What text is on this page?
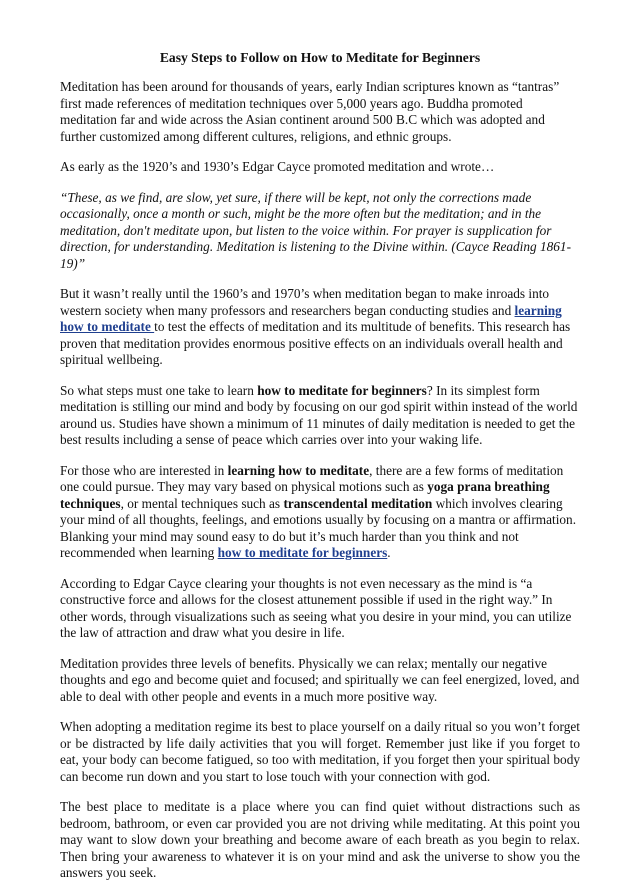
Easy Steps to Follow on How to Meditate for Beginners

Meditation has been around for thousands of years, early Indian scriptures known as “tantras” first made references of meditation techniques over 5,000 years ago. Buddha promoted meditation far and wide across the Asian continent around 500 B.C which was adopted and further customized among different cultures, religions, and ethnic groups.

As early as the 1920’s and 1930’s Edgar Cayce promoted meditation and wrote…

“These, as we find, are slow, yet sure, if there will be kept, not only the corrections made occasionally, once a month or such, might be the more often but the meditation; and in the meditation, don't meditate upon, but listen to the voice within. For prayer is supplication for direction, for understanding. Meditation is listening to the Divine within. (Cayce Reading 1861-19)”

But it wasn’t really until the 1960’s and 1970’s when meditation began to make inroads into western society when many professors and researchers began conducting studies and learning how to meditate to test the effects of meditation and its multitude of benefits. This research has proven that meditation provides enormous positive effects on an individuals overall health and spiritual wellbeing.

So what steps must one take to learn how to meditate for beginners? In its simplest form meditation is stilling our mind and body by focusing on our god spirit within instead of the world around us. Studies have shown a minimum of 11 minutes of daily meditation is needed to get the best results including a sense of peace which carries over into your waking life.

For those who are interested in learning how to meditate, there are a few forms of meditation one could pursue. They may vary based on physical motions such as yoga prana breathing techniques, or mental techniques such as transcendental meditation which involves clearing your mind of all thoughts, feelings, and emotions usually by focusing on a mantra or affirmation. Blanking your mind may sound easy to do but it’s much harder than you think and not recommended when learning how to meditate for beginners.

According to Edgar Cayce clearing your thoughts is not even necessary as the mind is “a constructive force and allows for the closest attunement possible if used in the right way.” In other words, through visualizations such as seeing what you desire in your mind, you can utilize the law of attraction and draw what you desire in life.

Meditation provides three levels of benefits. Physically we can relax; mentally our negative thoughts and ego and become quiet and focused; and spiritually we can feel energized, loved, and able to deal with other people and events in a much more positive way.

When adopting a meditation regime its best to place yourself on a daily ritual so you won’t forget or be distracted by life daily activities that you will forget. Remember just like if you forget to eat, your body can become fatigued, so too with meditation, if you forget then your spiritual body can become run down and you start to lose touch with your connection with god.

The best place to meditate is a place where you can find quiet without distractions such as bedroom, bathroom, or even car provided you are not driving while meditating. At this point you may want to slow down your breathing and become aware of each breath as you begin to relax. Then bring your awareness to whatever it is on your mind and ask the universe to show you the answers you seek.
